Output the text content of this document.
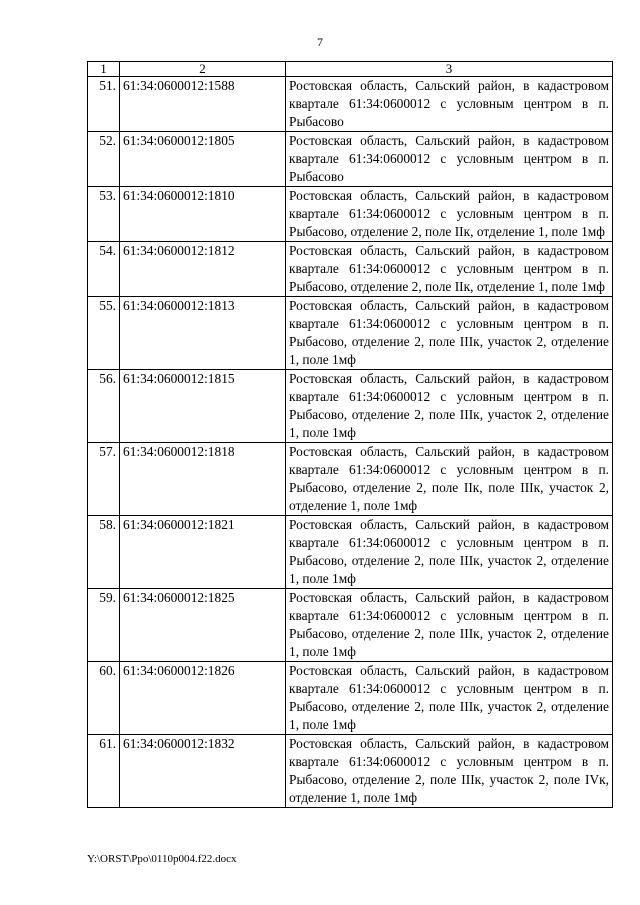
7
1	2	3
51.	61:34:0600012:1588	Ростовская область, Сальский район, в кадастровом квартале 61:34:0600012 с условным центром в п. Рыбасово
52.	61:34:0600012:1805	Ростовская область, Сальский район, в кадастровом квартале 61:34:0600012 с условным центром в п. Рыбасово
53.	61:34:0600012:1810	Ростовская область, Сальский район, в кадастровом квартале 61:34:0600012 с условным центром в п. Рыбасово, отделение 2, поле IIк, отделение 1, поле 1мф
54.	61:34:0600012:1812	Ростовская область, Сальский район, в кадастровом квартале 61:34:0600012 с условным центром в п. Рыбасово, отделение 2, поле IIк, отделение 1, поле 1мф
55.	61:34:0600012:1813	Ростовская область, Сальский район, в кадастровом квартале 61:34:0600012 с условным центром в п. Рыбасово, отделение 2, поле IIIк, участок 2, отделение 1, поле 1мф
56.	61:34:0600012:1815	Ростовская область, Сальский район, в кадастровом квартале 61:34:0600012 с условным центром в п. Рыбасово, отделение 2, поле IIIк, участок 2, отделение 1, поле 1мф
57.	61:34:0600012:1818	Ростовская область, Сальский район, в кадастровом квартале 61:34:0600012 с условным центром в п. Рыбасово, отделение 2, поле IIк, поле IIIк, участок 2, отделение 1, поле 1мф
58.	61:34:0600012:1821	Ростовская область, Сальский район, в кадастровом квартале 61:34:0600012 с условным центром в п. Рыбасово, отделение 2, поле IIIк, участок 2, отделение 1, поле 1мф
59.	61:34:0600012:1825	Ростовская область, Сальский район, в кадастровом квартале 61:34:0600012 с условным центром в п. Рыбасово, отделение 2, поле IIIк, участок 2, отделение 1, поле 1мф
60.	61:34:0600012:1826	Ростовская область, Сальский район, в кадастровом квартале 61:34:0600012 с условным центром в п. Рыбасово, отделение 2, поле IIIк, участок 2, отделение 1, поле 1мф
61.	61:34:0600012:1832	Ростовская область, Сальский район, в кадастровом квартале 61:34:0600012 с условным центром в п. Рыбасово, отделение 2, поле IIIк, участок 2, поле IVк, отделение 1, поле 1мф
Y:\ORST\Ppo\0110p004.f22.docx
